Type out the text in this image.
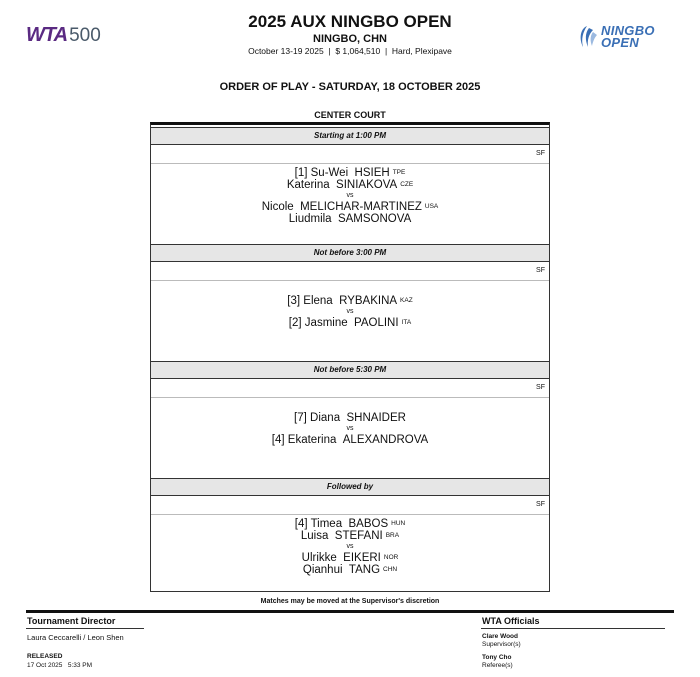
WTA 500	NINGBO
OPEN
2025 AUX NINGBO OPEN
NINGBO, CHN
October 13-19 2025  |  $ 1,064,510  |  Hard, Plexipave
ORDER OF PLAY - SATURDAY, 18 OCTOBER 2025
CENTER COURT
Starting at 1:00 PM
SF
[1] Su-Wei HSIEH TPE
Katerina SINIAKOVA CZE
vs
Nicole MELICHAR-MARTINEZ USA
Liudmila SAMSONOVA
Not before 3:00 PM
SF
[3] Elena RYBAKINA KAZ
vs
[2] Jasmine PAOLINI ITA
Not before 5:30 PM
SF
[7] Diana SHNAIDER
vs
[4] Ekaterina ALEXANDROVA
Followed by
SF
[4] Timea BABOS HUN
Luisa STEFANI BRA
vs
Ulrikke EIKERI NOR
Qianhui TANG CHN
Matches may be moved at the Supervisor's discretion
Tournament Director
Laura Ceccarelli / Leon Shen
RELEASED
17 Oct 2025 5:33 PM
WTA Officials
Clare Wood
Supervisor(s)
Tony Cho
Referee(s)
